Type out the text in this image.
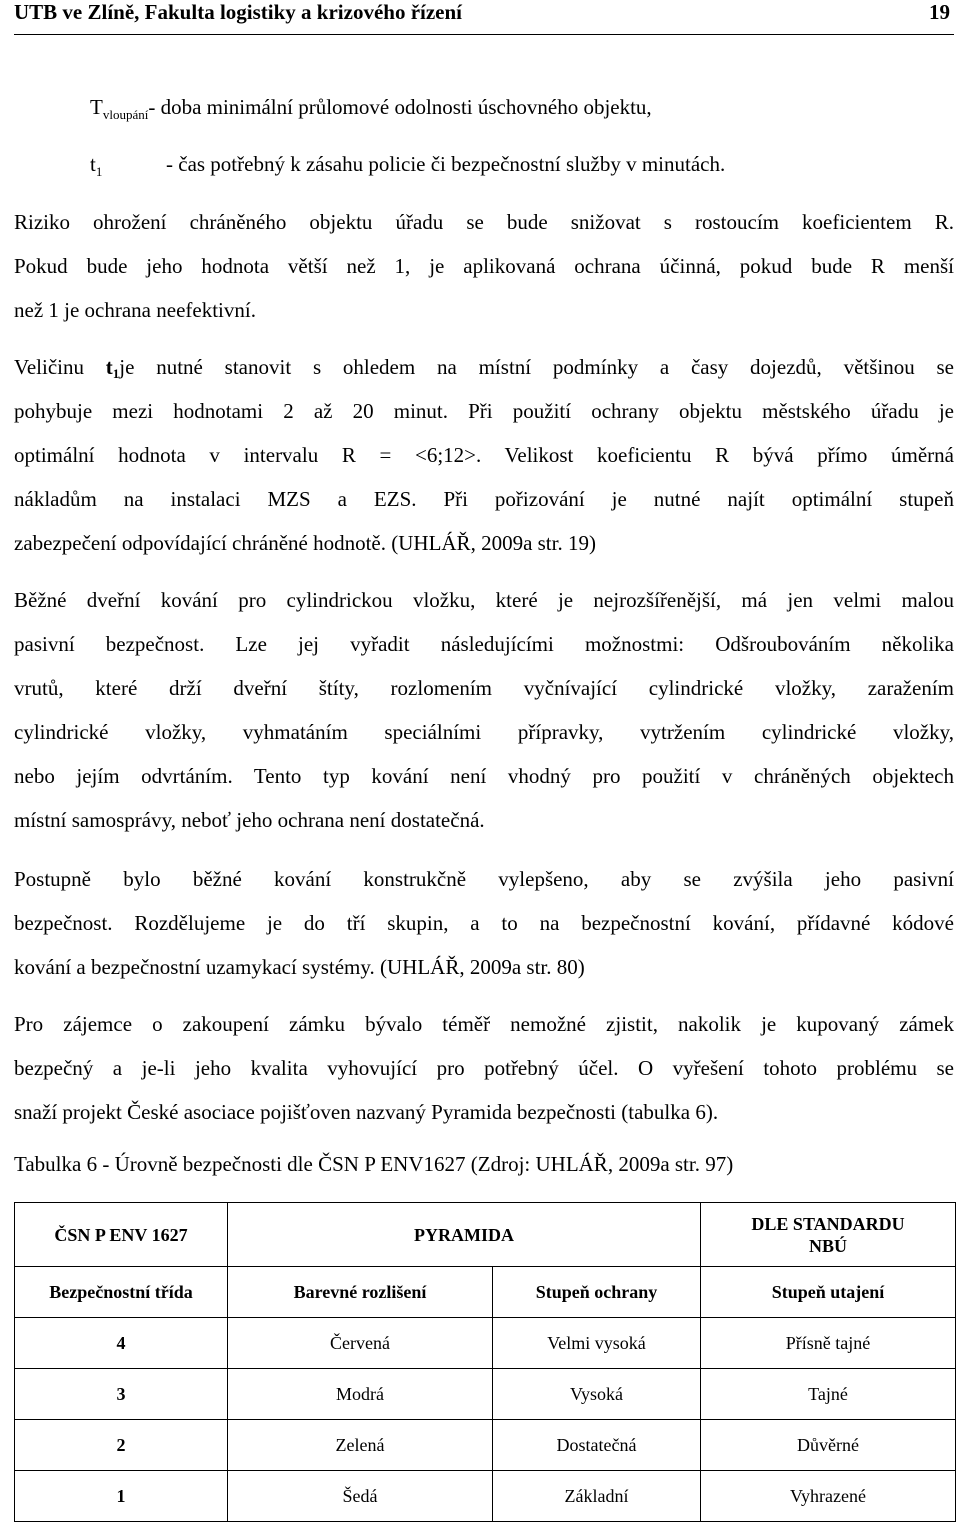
UTB ve Zlíně, Fakulta logistiky a krizového řízení	19
$T_{vloupání}-$ doba minimální průlomové odolnosti úschovného objektu,
$t_1$	- čas potřebný k zásahu policie či bezpečnostní služby v minutách.
Riziko ohrožení chráněného objektu úřadu se bude snižovat s rostoucím koeficientem R.
Pokud bude jeho hodnota větší než 1, je aplikovaná ochrana účinná, pokud bude R menší
než 1 je ochrana neefektivní.
Veličinu $t_1je$ nutné stanovit s ohledem na místní podmínky a časy dojezdů, většinou se
pohybuje mezi hodnotami 2 až 20 minut. Při použití ochrany objektu městského úřadu je
optimální hodnota v intervalu R = <6;12>. Velikost koeficientu R bývá přímo úměrná
nákladům na instalaci MZS a EZS. Při pořizování je nutné najít optimální stupeň
zabezpečení odpovídající chráněné hodnotě. (UHLÁŘ, 2009a str. 19)
Běžné dveřní kování pro cylindrickou vložku, které je nejrozšířenější, má jen velmi malou
pasivní bezpečnost. Lze jej vyřadit následujícími možnostmi: Odšroubováním několika
vrutů, které drží dveřní štíty, rozlomením vyčnívající cylindrické vložky, zaražením
cylindrické vložky, vyhmatáním speciálními přípravky, vytržením cylindrické vložky,
nebo jejím odvrtáním. Tento typ kování není vhodný pro použití v chráněných objektech
místní samosprávy, neboť jeho ochrana není dostatečná.
Postupně bylo běžné kování konstrukčně vylepšeno, aby se zvýšila jeho pasivní
bezpečnost. Rozdělujeme je do tří skupin, a to na bezpečnostní kování, přídavné kódové
kování a bezpečnostní uzamykací systémy. (UHLÁŘ, 2009a str. 80)
Pro zájemce o zakoupení zámku bývalo téměř nemožné zjistit, nakolik je kupovaný zámek
bezpečný a je-li jeho kvalita vyhovující pro potřebný účel. O vyřešení tohoto problému se
snaží projekt České asociace pojišťoven nazvaný Pyramida bezpečnosti (tabulka 6).
Tabulka 6 - Úrovně bezpečnosti dle ČSN P ENV1627 (Zdroj: UHLÁŘ, 2009a str. 97)
ČSN P ENV 1627	PYRAMIDA		DLE STANDARDU
NBÚ
Bezpečnostní třída	Barevné rozlišení	Stupeň ochrany	Stupeň utajení
4	Červená	Velmi vysoká	Přísně tajné
3	Modrá	Vysoká	Tajné
2	Zelená	Dostatečná	Důvěrné
1	Šedá	Základní	Vyhrazené
